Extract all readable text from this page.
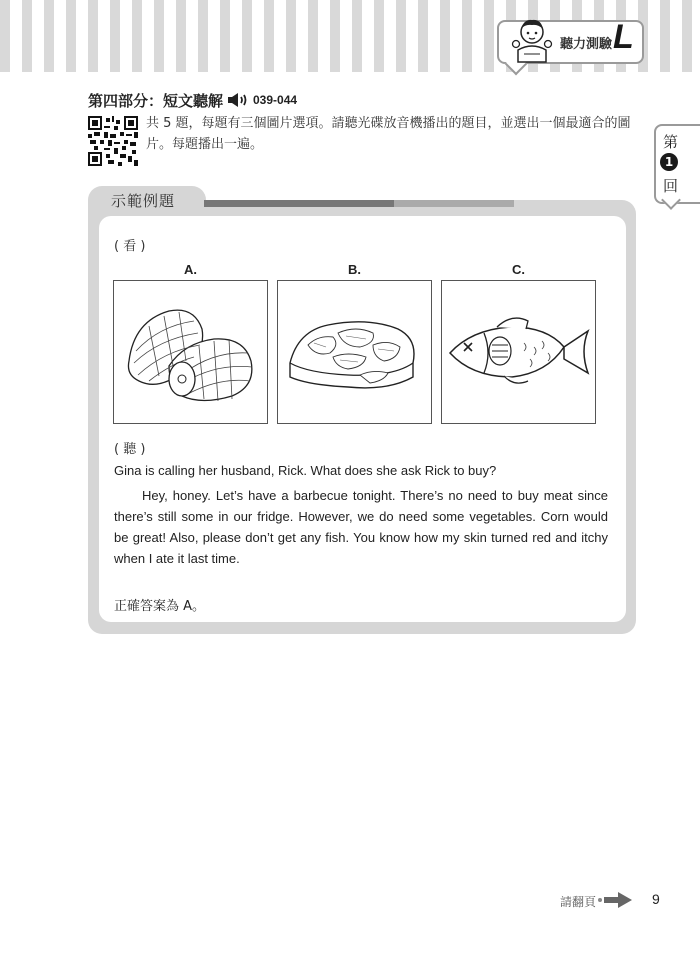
聽力測驗 L
第
1
回
第四部分：短文聽解 039-044
共 5 題，每題有三個圖片選項。請聽光碟放音機播出的題目，並選出一個最適合的圖片。每題播出一遍。
示範例題
( 看 )
A.	B.	C.
( 聽 )
Gina is calling her husband, Rick. What does she ask Rick to buy?
Hey, honey. Let’s have a barbecue tonight. There’s no need to buy meat since there’s still some in our fridge. However, we do need some vegetables. Corn would be great! Also, please don’t get any fish. You know how my skin turned red and itchy when I ate it last time.
正確答案為 A。
請翻頁	9
